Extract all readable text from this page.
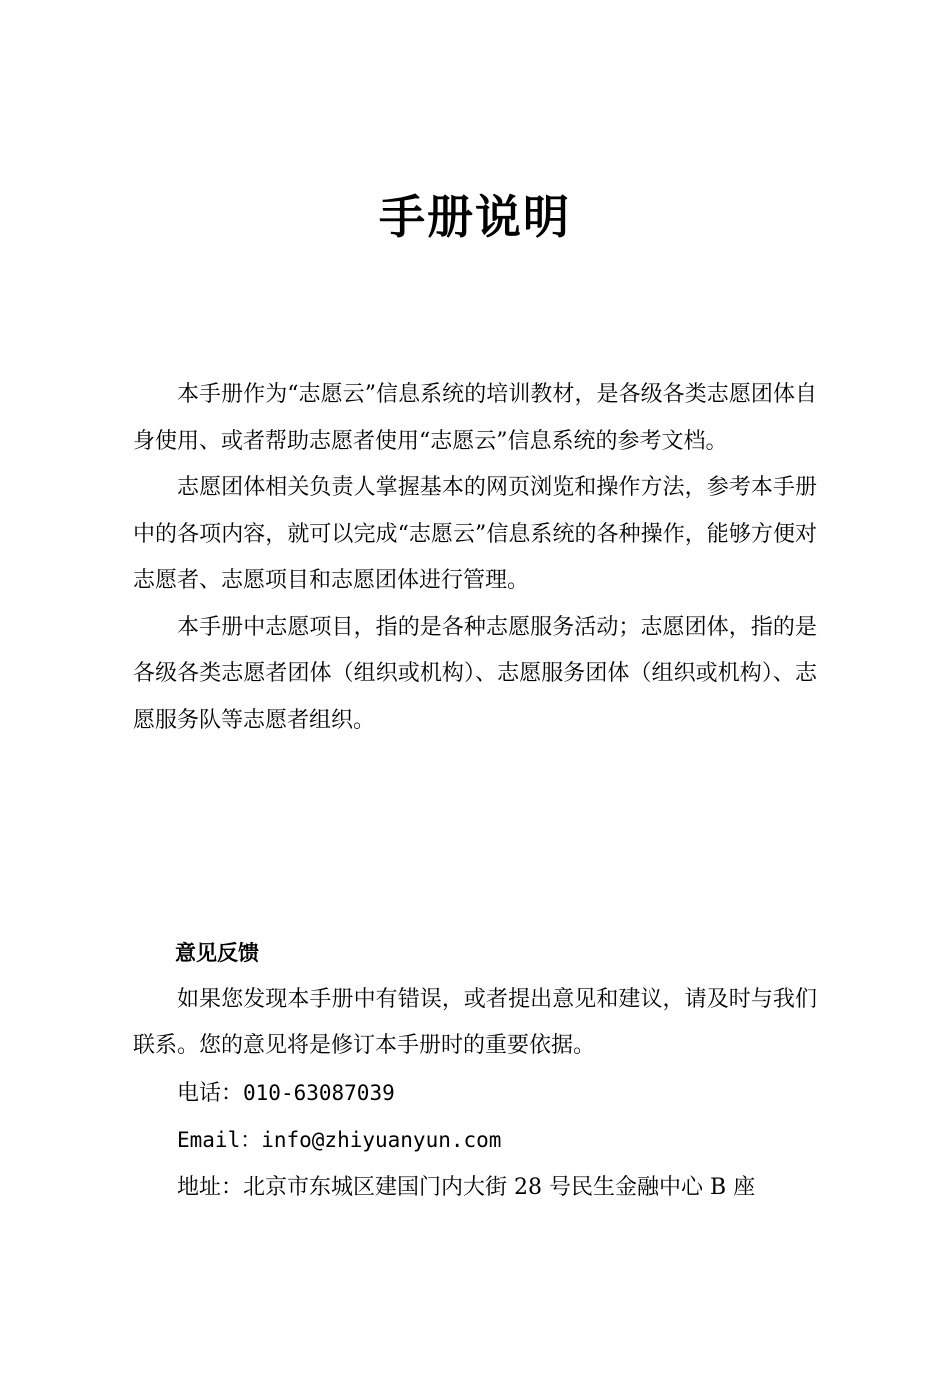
手册说明

本手册作为“志愿云”信息系统的培训教材，是各级各类志愿团体自身使用、或者帮助志愿者使用“志愿云”信息系统的参考文档。

志愿团体相关负责人掌握基本的网页浏览和操作方法，参考本手册中的各项内容，就可以完成“志愿云”信息系统的各种操作，能够方便对志愿者、志愿项目和志愿团体进行管理。

本手册中志愿项目，指的是各种志愿服务活动；志愿团体，指的是各级各类志愿者团体（组织或机构）、志愿服务团体（组织或机构）、志愿服务队等志愿者组织。

意见反馈

如果您发现本手册中有错误，或者提出意见和建议，请及时与我们联系。您的意见将是修订本手册时的重要依据。

电话：010-63087039

Email：info@zhiyuanyun.com

地址：北京市东城区建国门内大街 28 号民生金融中心 B 座
